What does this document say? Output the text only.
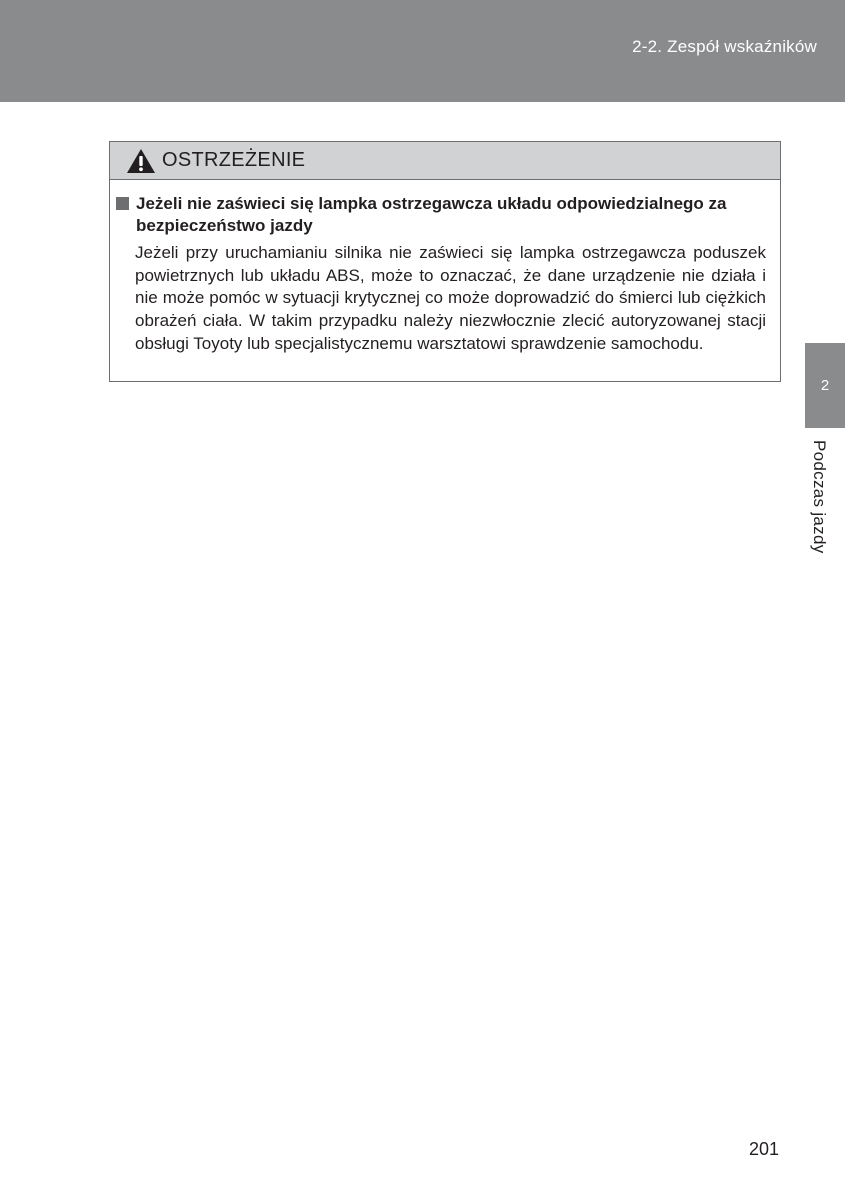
2-2. Zespół wskaźników
OSTRZEŻENIE
Jeżeli nie zaświeci się lampka ostrzegawcza układu odpowiedzialnego za bezpieczeństwo jazdy
Jeżeli przy uruchamianiu silnika nie zaświeci się lampka ostrzegawcza poduszek powietrznych lub układu ABS, może to oznaczać, że dane urządzenie nie działa i nie może pomóc w sytuacji krytycznej co może doprowadzić do śmierci lub ciężkich obrażeń ciała. W takim przypadku należy niezwłocznie zlecić autoryzowanej stacji obsługi Toyoty lub specjalistycznemu warsztatowi sprawdzenie samochodu.
2
Podczas jazdy
201
